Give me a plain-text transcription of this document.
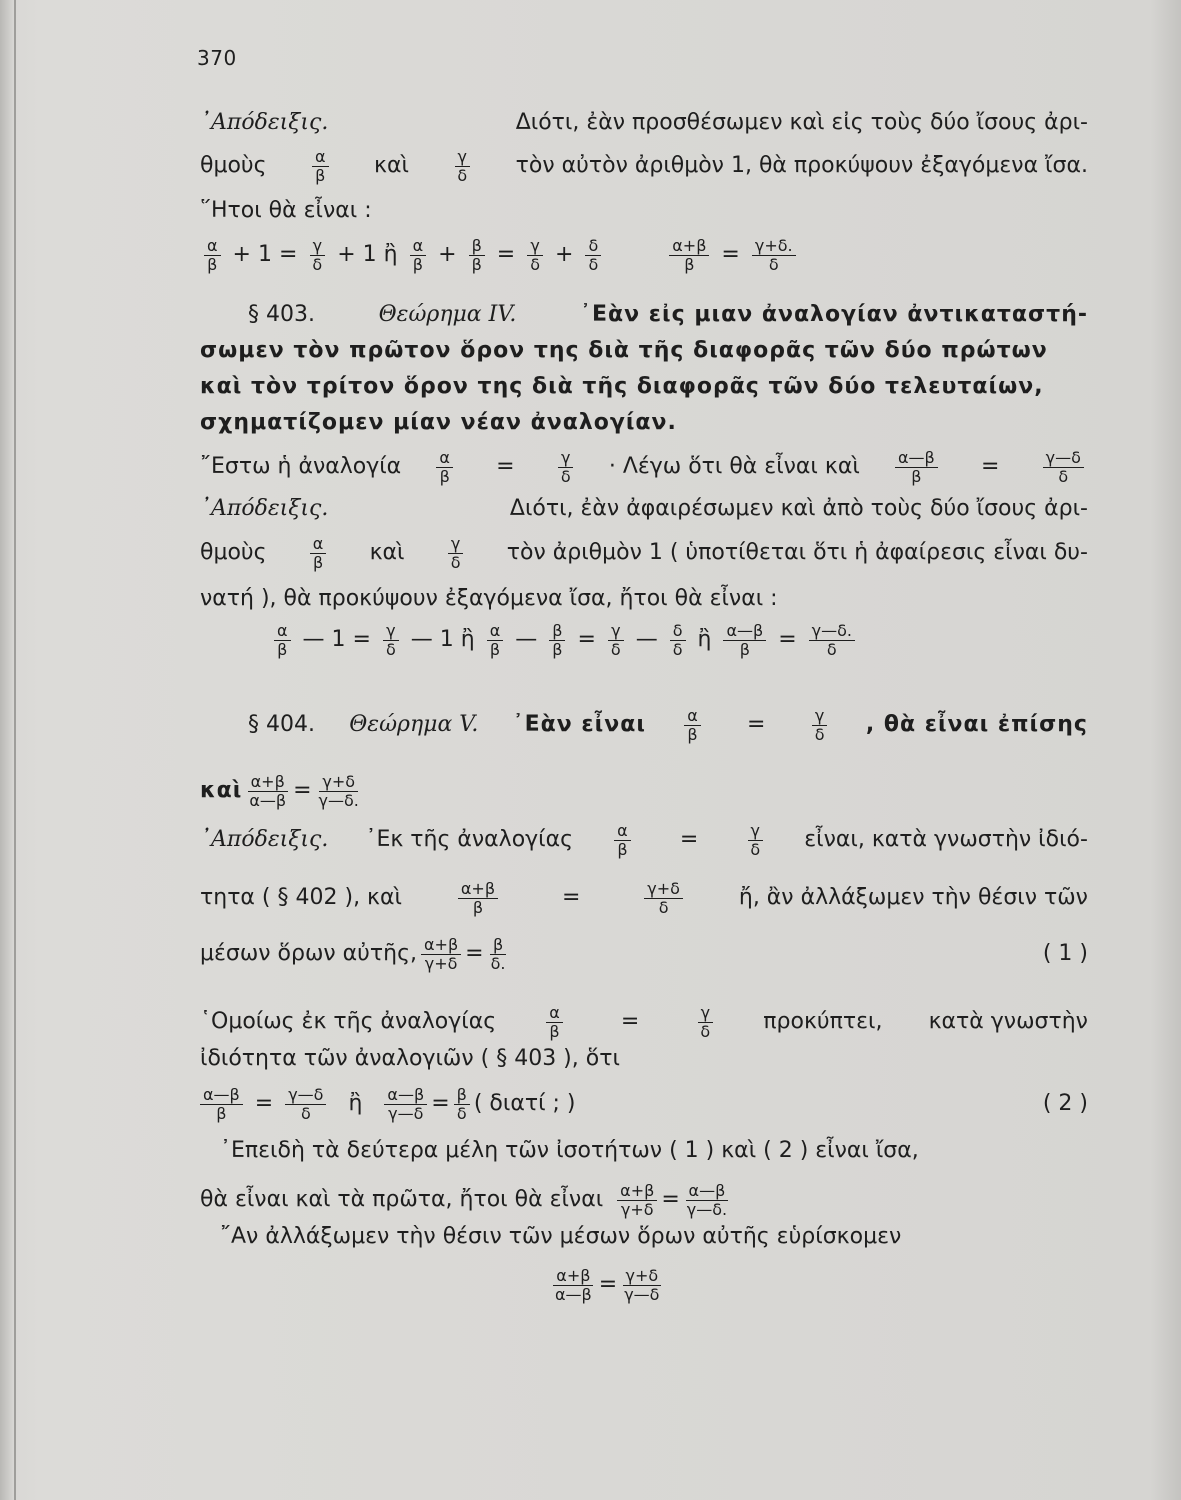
370
᾽Απόδειξις.	Διότι, ἐὰν προσθέσωμεν καὶ εἰς τοὺς δύο ἴσους ἀρι-
θμοὺς	$\frac{\alpha}{\beta}$ καὶ	$\frac{\gamma}{\delta}$ τὸν αὐτὸν ἀριθμὸν 1, θὰ προκύψουν ἐξαγόμενα ἴσα.
῞Ητοι θὰ εἶναι :
$\frac{\alpha}{\beta} + 1 = \frac{\gamma}{\delta} + 1$ ἢ $\frac{\alpha}{\beta} + \frac{\beta}{\beta} = \frac{\gamma}{\delta} + \frac{\delta}{\delta}$	$\frac{\alpha+\beta}{\beta} = \frac{\gamma+\delta.}{\delta}$
§ 403.	Θεώρημα IV.	᾽Εὰν εἰς μιαν ἀναλογίαν ἀντικαταστή-
σωμεν τὸν πρῶτον ὅρον της διὰ τῆς διαφορᾶς τῶν δύο πρώτων
καὶ τὸν τρίτον ὅρον της διὰ τῆς διαφορᾶς τῶν δύο τελευταίων,
σχηματίζομεν μίαν νέαν ἀναλογίαν.
῎Εστω ἡ ἀναλογία $\frac{\alpha}{\beta}$ =	$\frac{\gamma}{\delta} \cdot \Lambda έ\gamma\omega$ ὅτι θὰ εἶναι καὶ $\frac{\alpha—\beta}{\beta}$ =	$\frac{\gamma—\delta}{\delta}$
᾽Απόδειξις.	Διότι, ἐὰν ἀφαιρέσωμεν καὶ ἀπὸ τοὺς δύο ἴσους ἀρι-
θμοὺς	$\frac{\alpha}{\beta}$ καὶ	$\frac{\gamma}{\delta}$ τὸν ἀριθμὸν 1 ( ὑποτίθεται ὅτι ἡ ἀφαίρεσις εἶναι δυ-
νατή ), θὰ προκύψουν ἐξαγόμενα ἴσα, ἤτοι θὰ εἶναι :
$\frac{\alpha}{\beta}$ — $1 = \frac{\gamma}{\delta}$ — 1 ἢ $\frac{\alpha}{\beta}$ — $\frac{\beta}{\beta} = \frac{\gamma}{\delta}$ — $\frac{\delta}{\delta}$ ἢ $\frac{\alpha—\beta}{\beta} = \frac{\gamma—\delta.}{\delta}$
§ 404. Θεώρημα V. ᾽Εὰν εἶναι $\frac{\alpha}{\beta}$ =	$\frac{\gamma}{\delta}$ , θὰ εἶναι ἐπίσης
καὶ $\frac{\alpha+\beta}{\alpha—\beta} = \frac{\gamma+\delta}{\gamma—\delta.}$
᾽Απόδειξις. ᾽Εκ τῆς ἀναλογίας	$\frac{\alpha}{\beta}$ =	$\frac{\gamma}{\delta}$ εἶναι, κατὰ γνωστὴν ἰδιό-
τητα ( § 402 ), καὶ	$\frac{\alpha+\beta}{\beta}$	=	$\frac{\gamma+\delta}{\delta}$	ἤ, ἂν ἀλλάξωμεν τὴν θέσιν τῶν
μέσων ὅρων αὐτῆς, $\frac{\alpha+\beta}{\gamma+\delta} = \frac{\beta}{\delta.}$	( 1 )
῾Ομοίως ἐκ τῆς ἀναλογίας	$\frac{\alpha}{\beta}$	=	$\frac{\gamma}{\delta} \pi\rho o\kappa ύ\pi\tau\varepsilon\iota$, κατὰ γνωστὴν
ἰδιότητα τῶν ἀναλογιῶν ( § 403 ), ὅτι
$\frac{\alpha—\beta}{\beta} = \frac{\gamma—\delta}{\delta}$ ἢ $\frac{\alpha—\beta}{\gamma—\delta} = \frac{\beta}{\delta}$ ( διατί ; )	( 2 )
᾽Επειδὴ τὰ δεύτερα μέλη τῶν ἰσοτήτων ( 1 ) καὶ ( 2 ) εἶναι ἴσα,
θὰ εἶναι καὶ τὰ πρῶτα, ἤτοι θὰ εἶναι $\frac{\alpha+\beta}{\gamma+\delta} = \frac{\alpha—\beta}{\gamma—\delta.}$
῎Αν ἀλλάξωμεν τὴν θέσιν τῶν μέσων ὅρων αὐτῆς εὑρίσκομεν
$\frac{\alpha+\beta}{\alpha—\beta} = \frac{\gamma+\delta}{\gamma—\delta}$
